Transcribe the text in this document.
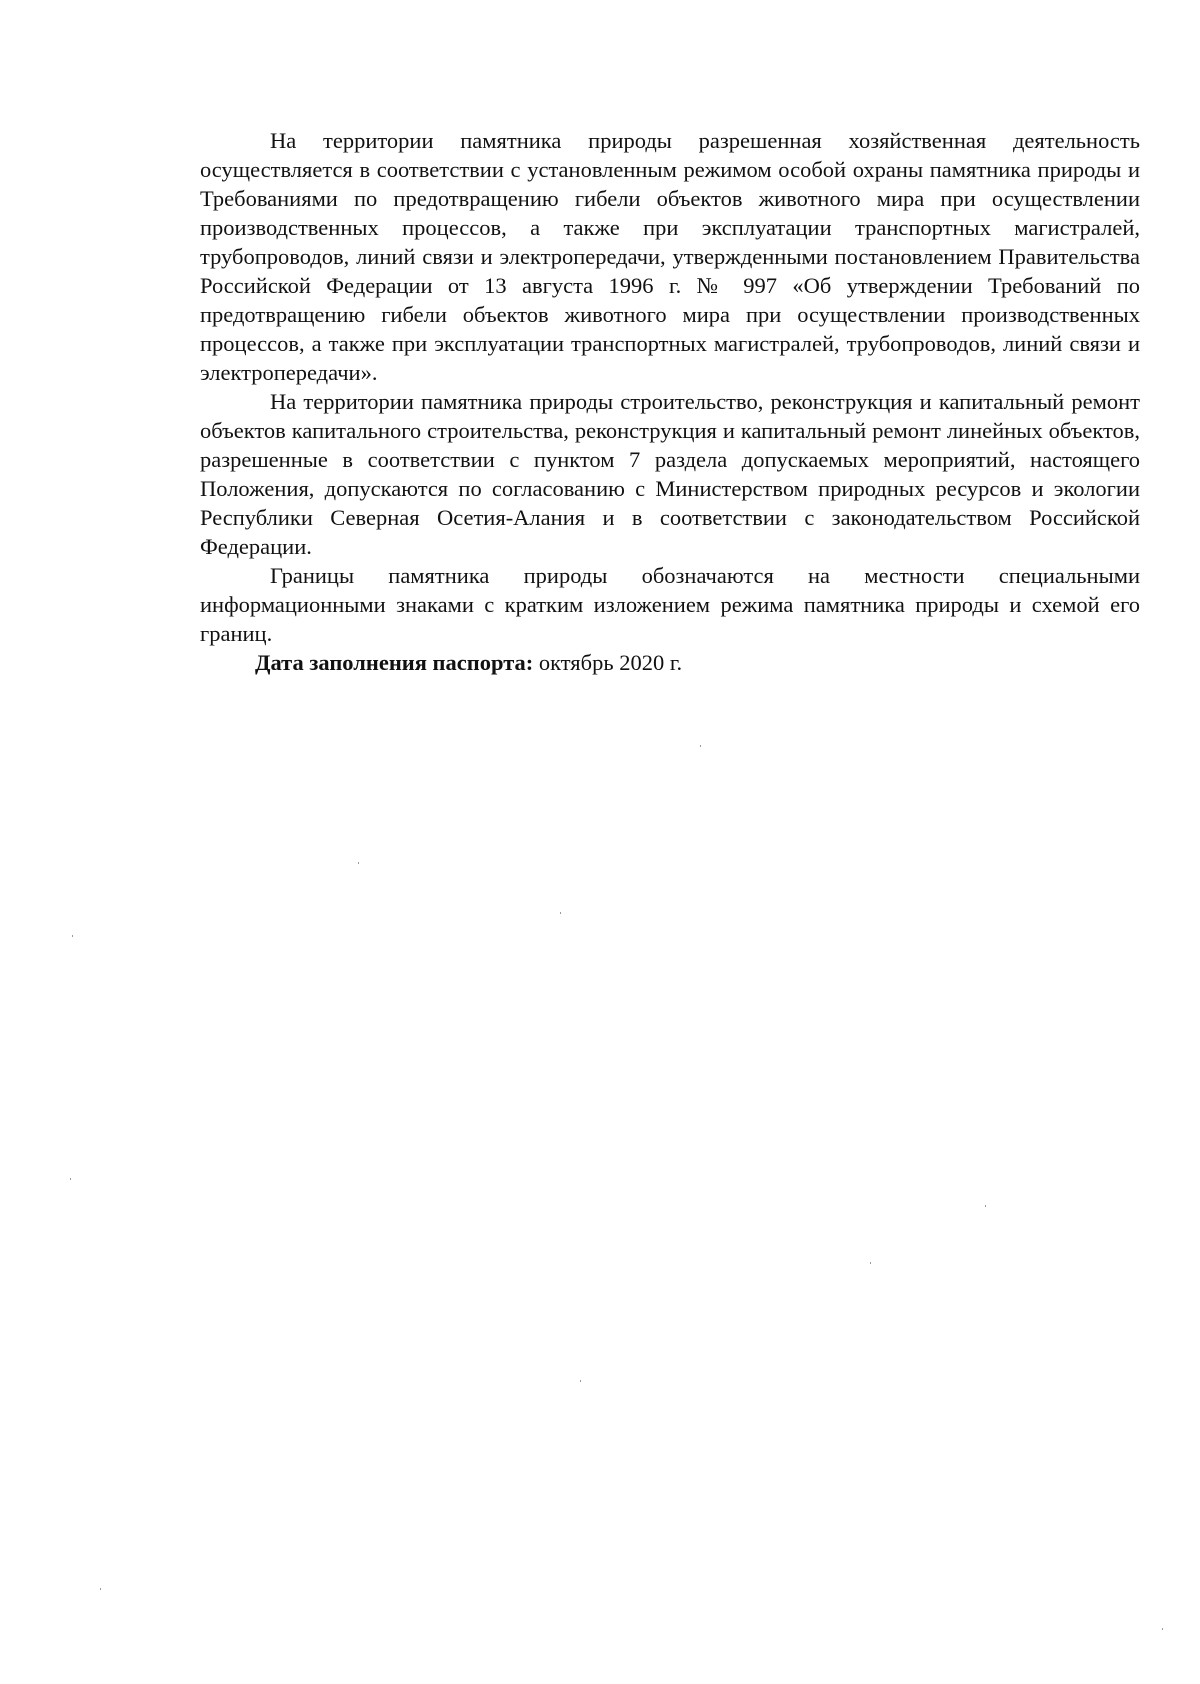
На территории памятника природы разрешенная хозяйственная деятельность осуществляется в соответствии с установленным режимом особой охраны памятника природы и Требованиями по предотвращению гибели объектов животного мира при осуществлении производственных процессов, а также при эксплуатации транспортных магистралей, трубопроводов, линий связи и электропередачи, утвержденными постановлением Правительства Российской Федерации от 13 августа 1996 г. № 997 «Об утверждении Требований по предотвращению гибели объектов животного мира при осуществлении производственных процессов, а также при эксплуатации транспортных магистралей, трубопроводов, линий связи и электропередачи».

На территории памятника природы строительство, реконструкция и капитальный ремонт объектов капитального строительства, реконструкция и капитальный ремонт линейных объектов, разрешенные в соответствии с пунктом 7 раздела допускаемых мероприятий, настоящего Положения, допускаются по согласованию с Министерством природных ресурсов и экологии Республики Северная Осетия-Алания и в соответствии с законодательством Российской Федерации.

Границы памятника природы обозначаются на местности специальными информационными знаками с кратким изложением режима памятника природы и схемой его границ.

Дата заполнения паспорта: октябрь 2020 г.
